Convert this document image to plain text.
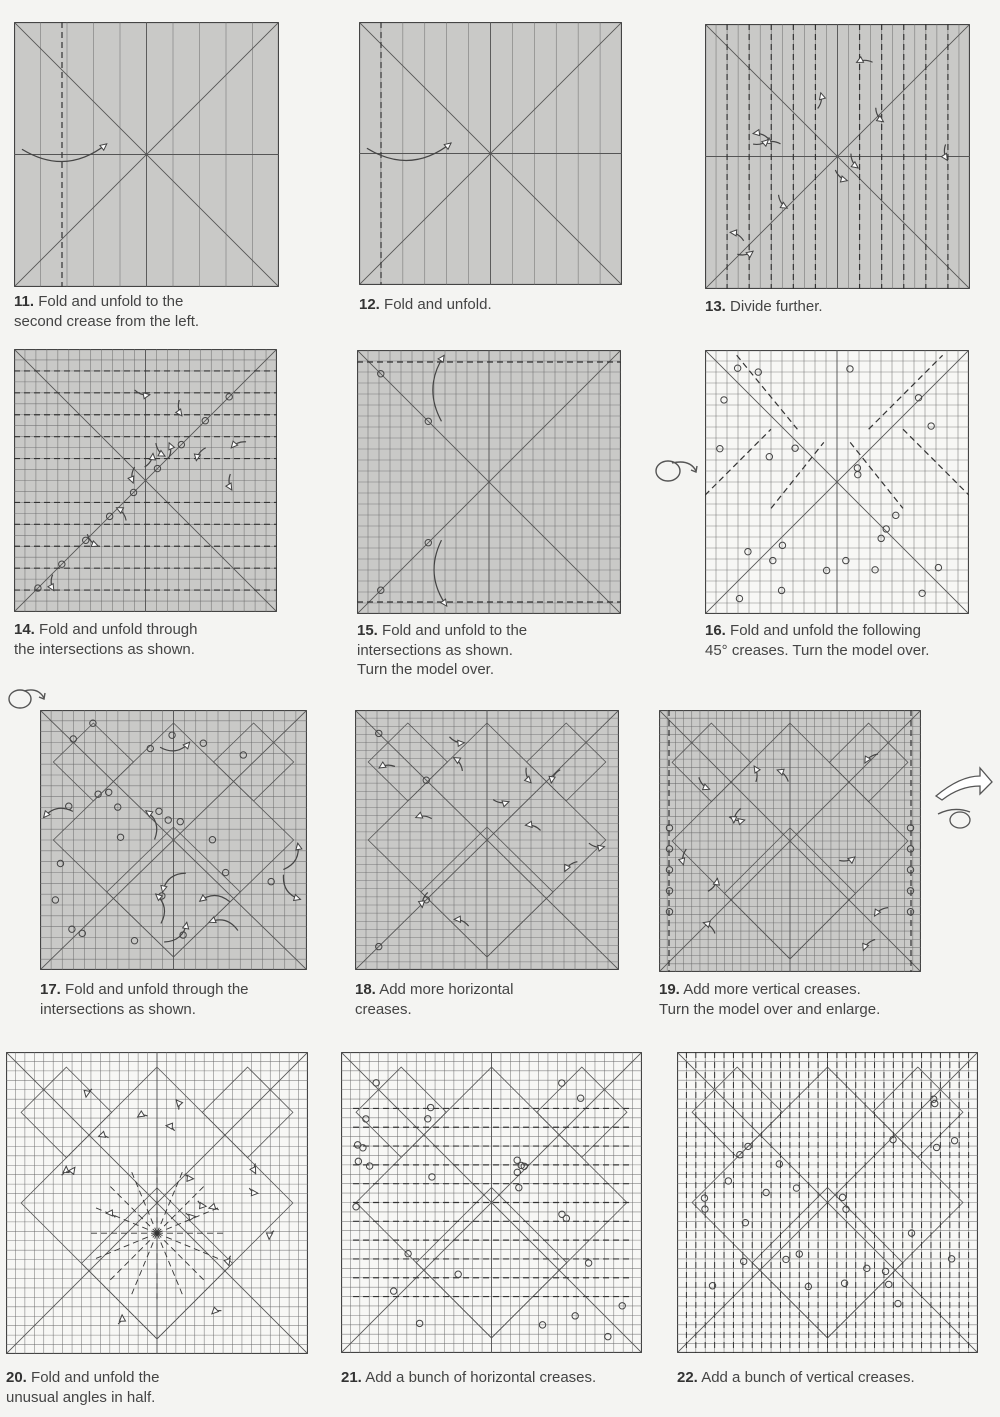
11. Fold and unfold to the
second crease from the left.
12. Fold and unfold.	13. Divide further.
14. Fold and unfold through
the intersections as shown.
15. Fold and unfold to the
intersections as shown.
Turn the model over.
16. Fold and unfold the following
45° creases. Turn the model over.
17. Fold and unfold through the
intersections as shown.
18. Add more horizontal
creases.
19. Add more vertical creases.
Turn the model over and enlarge.
20. Fold and unfold the
unusual angles in half.
21. Add a bunch of horizontal creases.	22. Add a bunch of vertical creases.
